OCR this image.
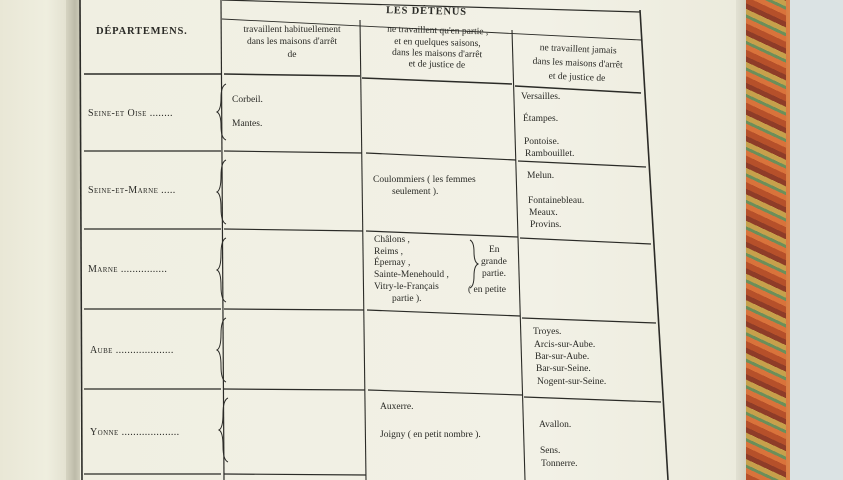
DÉPARTEMENS.
LES DÉTENUS
travaillent habituellement
dans les maisons d'arrêt
de
ne travaillent qu'en partie ,
et en quelques saisons,
dans les maisons d'arrêt
et de justice de
ne travaillent jamais
dans les maisons d'arrêt
et de justice de
Seine-et Oise ........
Corbeil.
Mantes.
Versailles.
Étampes.
Pontoise.
Rambouillet.
Seine-et-Marne .....
Coulommiers ( les femmes
seulement ).
Melun.
Fontainebleau.
Meaux.
Provins.
Marne ................
Châlons ,
Reims ,
Épernay ,
Sainte-Menehould ,
Vitry-le-Français
partie ).
En
grande
partie.
( en petite
Aube ....................
Troyes.
Arcis-sur-Aube.
Bar-sur-Aube.
Bar-sur-Seine.
Nogent-sur-Seine.
Yonne ....................
Auxerre.
Joigny ( en petit nombre ).
Avallon.
Sens.
Tonnerre.
